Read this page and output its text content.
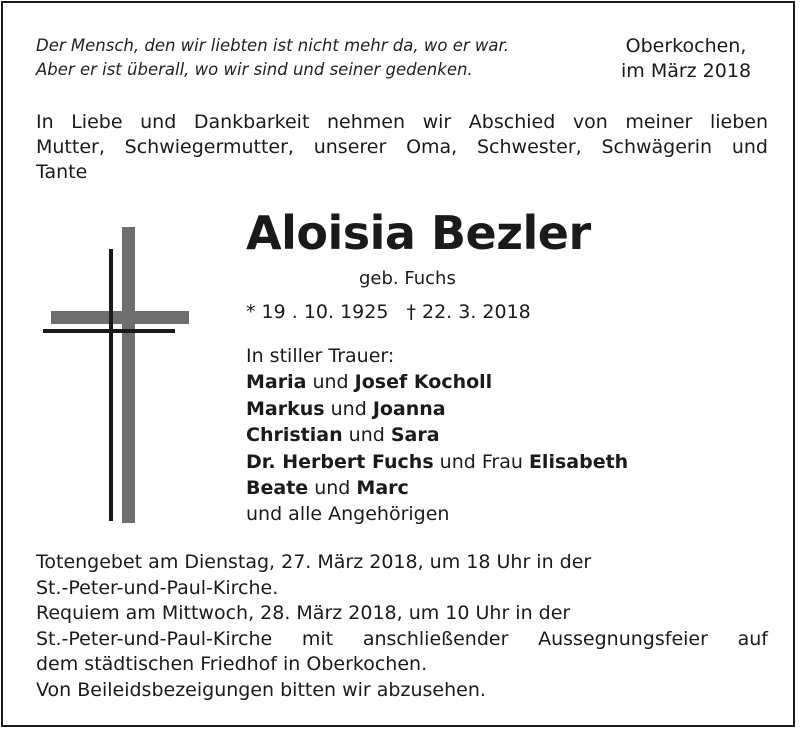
Der Mensch, den wir liebten ist nicht mehr da, wo er war.
Aber er ist überall, wo wir sind und seiner gedenken.
Oberkochen,
im März 2018
In Liebe und Dankbarkeit nehmen wir Abschied von meiner lieben
Mutter, Schwiegermutter, unserer Oma, Schwester, Schwägerin und
Tante
Aloisia Bezler
geb. Fuchs
* 19 . 10. 1925 † 22. 3. 2018
In stiller Trauer:
Maria und Josef Kocholl
Markus und Joanna
Christian und Sara
Dr. Herbert Fuchs und Frau Elisabeth
Beate und Marc
und alle Angehörigen
Totengebet am Dienstag, 27. März 2018, um 18 Uhr in der
St.-Peter-und-Paul-Kirche.
Requiem am Mittwoch, 28. März 2018, um 10 Uhr in der
St.-Peter-und-Paul-Kirche mit anschließender Aussegnungsfeier auf
dem städtischen Friedhof in Oberkochen.
Von Beileidsbezeigungen bitten wir abzusehen.
